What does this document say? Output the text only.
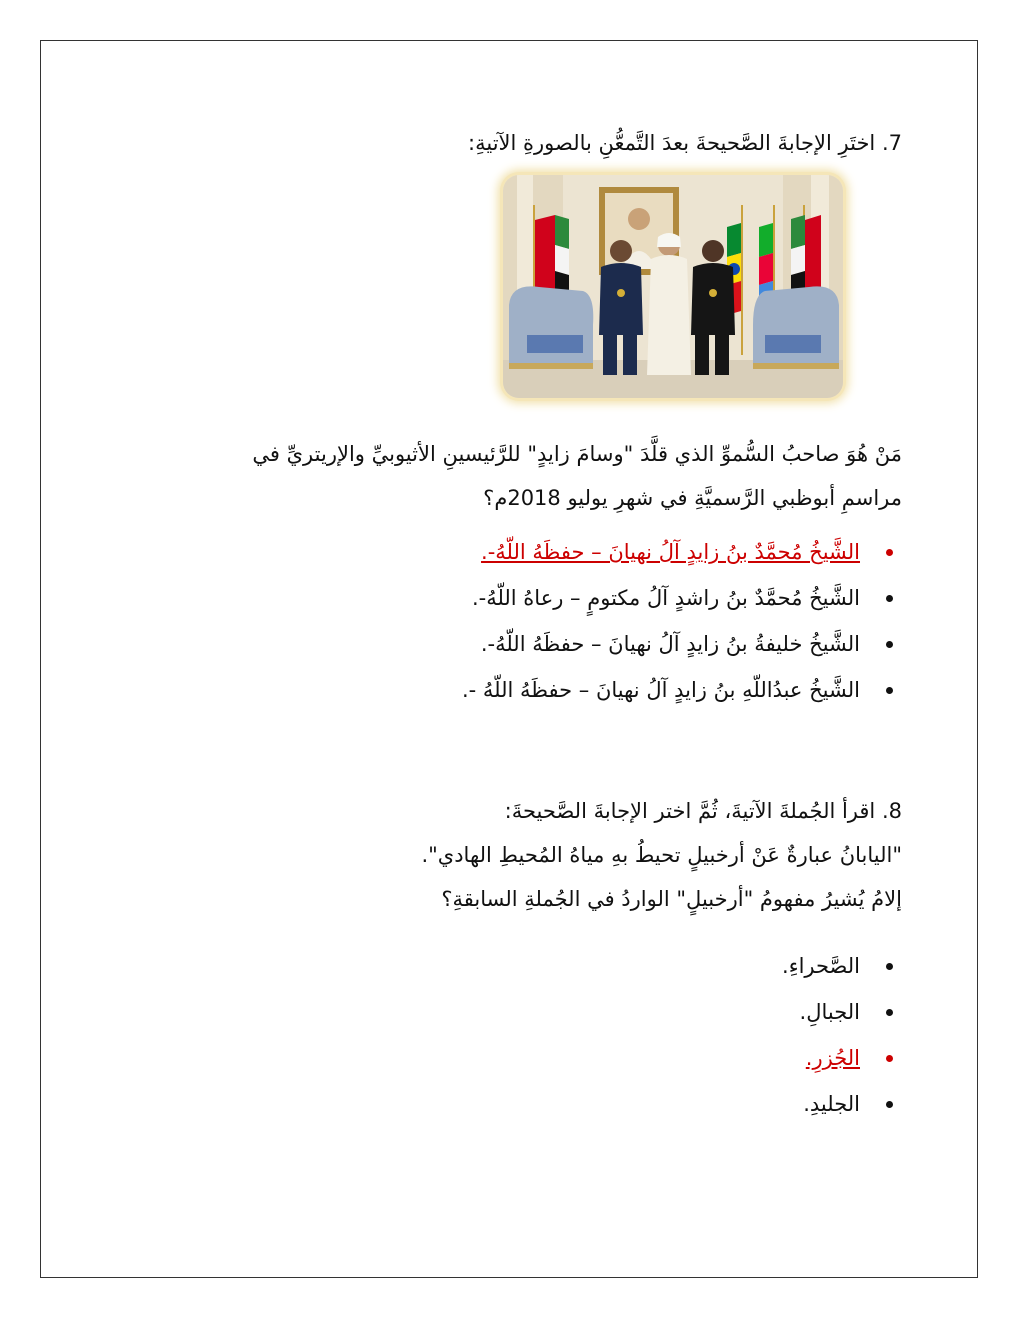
7. اختَرِ الإجابةَ الصَّحيحةَ بعدَ التَّمعُّنِ بالصورةِ الآتيةِ:

مَنْ هُوَ صاحبُ السُّموِّ الذي قلَّدَ "وسامَ زايدٍ" للرَّئيسينِ الأثيوبيِّ والإريتريِّ في

مراسمِ أبوظبي الرَّسميَّةِ في شهرِ يوليو 2018م؟

الشَّيخُ مُحمَّدٌ بنُ زايدٍ آلُ نهيانَ – حفظَهُ اللّهُ-.
الشَّيخُ مُحمَّدٌ بنُ راشدٍ آلُ مكتومٍ – رعاهُ اللّهُ-.
الشَّيخُ خليفةُ بنُ زايدٍ آلُ نهيانَ – حفظَهُ اللّهُ-.
الشَّيخُ عبدُاللّهِ بنُ زايدٍ آلُ نهيانَ – حفظَهُ اللّهُ -.

8. اقرأ الجُملةَ الآتيةَ، ثُمَّ اختر الإجابةَ الصَّحيحةَ:

"اليابانُ عبارةٌ عَنْ أرخبيلٍ تحيطُ بهِ مياهُ المُحيطِ الهادي".

إلامُ يُشيرُ مفهومُ "أرخبيلٍ" الواردُ في الجُملةِ السابقةِ؟

الصَّحراءِ.
الجبالِ.
الجُزرِ.
الجليدِ.
